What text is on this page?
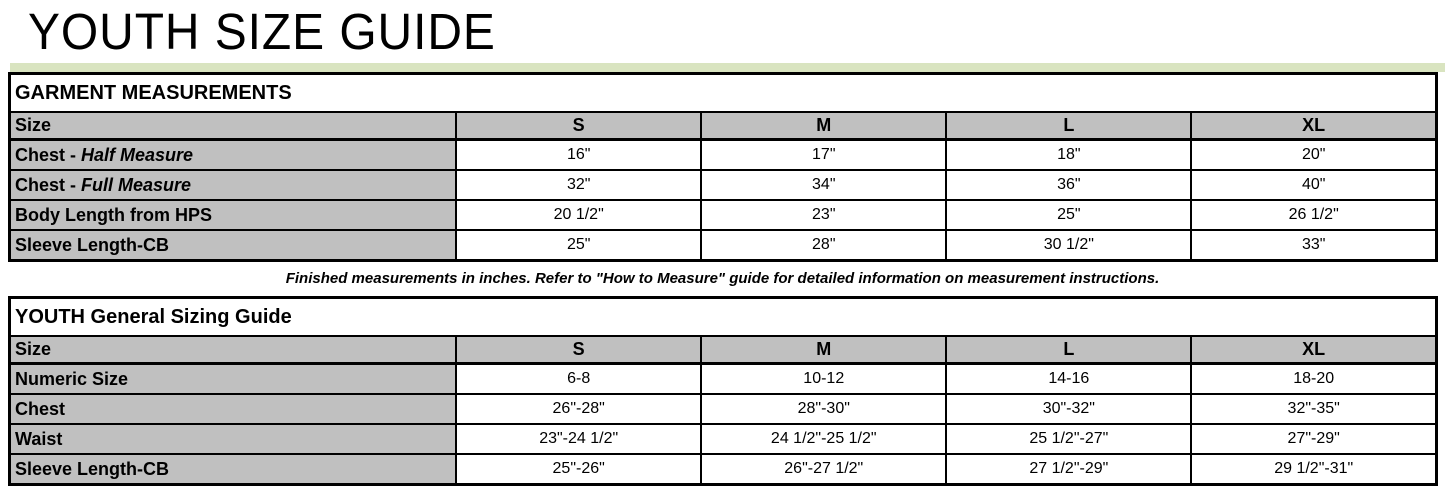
YOUTH SIZE GUIDE
GARMENT MEASUREMENTS				
Size	S	M	L	XL
Chest - Half Measure	16"	17"	18"	20"
Chest - Full Measure	32"	34"	36"	40"
Body Length from HPS	20 1/2"	23"	25"	26 1/2"
Sleeve Length-CB	25"	28"	30 1/2"	33"

Finished measurements in inches. Refer to "How to Measure" guide for detailed information on measurement instructions.

YOUTH General Sizing Guide				
Size	S	M	L	XL
Numeric Size	6-8	10-12	14-16	18-20
Chest	26"-28"	28"-30"	30"-32"	32"-35"
Waist	23"-24 1/2"	24 1/2"-25 1/2"	25 1/2"-27"	27"-29"
Sleeve Length-CB	25"-26"	26"-27 1/2"	27 1/2"-29"	29 1/2"-31"
